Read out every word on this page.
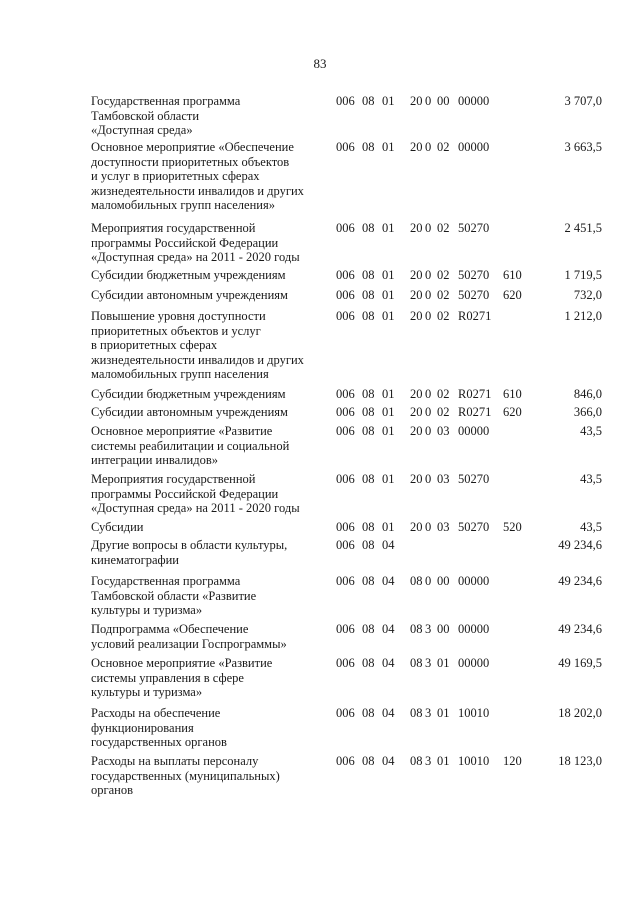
83
Государственная программа
Тамбовской области
«Доступная среда»
006 08 01 20 0 00 00000	3 707,0
Основное мероприятие «Обеспечение
доступности приоритетных объектов
и услуг в приоритетных сферах
жизнедеятельности инвалидов и других
маломобильных групп населения»
006 08 01 20 0 02 00000	3 663,5
Мероприятия государственной
программы Российской Федерации
«Доступная среда» на 2011 - 2020 годы
006 08 01 20 0 02 50270	2 451,5
Субсидии бюджетным учреждениям	006 08 01 20 0 02 50270 610	1 719,5
Субсидии автономным учреждениям	006 08 01 20 0 02 50270 620	732,0
Повышение уровня доступности
приоритетных объектов и услуг
в приоритетных сферах
жизнедеятельности инвалидов и других
маломобильных групп населения
006 08 01 20 0 02 R0271	1 212,0
Субсидии бюджетным учреждениям	006 08 01 20 0 02 R0271 610	846,0
Субсидии автономным учреждениям	006 08 01 20 0 02 R0271 620	366,0
Основное мероприятие «Развитие
системы реабилитации и социальной
интеграции инвалидов»
006 08 01 20 0 03 00000	43,5
Мероприятия государственной
программы Российской Федерации
«Доступная среда» на 2011 - 2020 годы
006 08 01 20 0 03 50270	43,5
Субсидии	006 08 01 20 0 03 50270 520	43,5
Другие вопросы в области культуры,
кинематографии
006 08 04	49 234,6
Государственная программа
Тамбовской области «Развитие
культуры и туризма»
006 08 04 08 0 00 00000	49 234,6
Подпрограмма «Обеспечение
условий реализации Госпрограммы»
006 08 04 08 3 00 00000	49 234,6
Основное мероприятие «Развитие
системы управления в сфере
культуры и туризма»
006 08 04 08 3 01 00000	49 169,5
Расходы на обеспечение
функционирования
государственных органов
006 08 04 08 3 01 10010	18 202,0
Расходы на выплаты персоналу
государственных (муниципальных)
органов
006 08 04 08 3 01 10010 120	18 123,0
